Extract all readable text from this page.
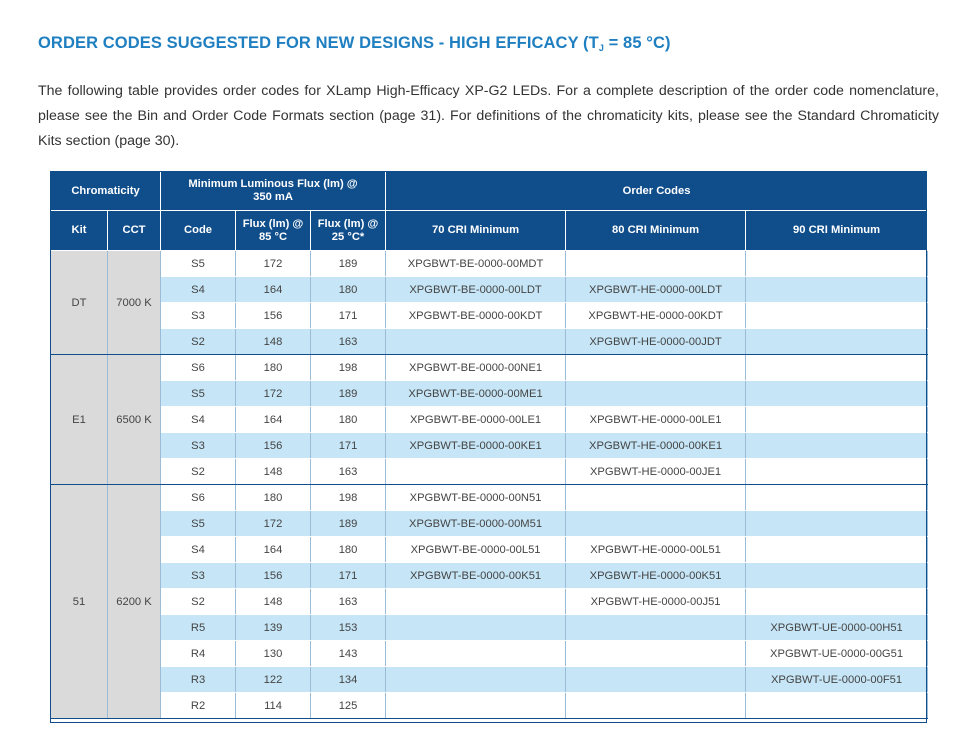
ORDER CODES SUGGESTED FOR NEW DESIGNS - HIGH EFFICACY ($T_J = 85$ °C)
The following table provides order codes for XLamp High-Efficacy XP-G2 LEDs. For a complete description of the order code nomenclature, please see the Bin and Order Code Formats section (page 31). For definitions of the chromaticity kits, please see the Standard Chromaticity Kits section (page 30).
Chromaticity		Minimum Luminous Flux (lm) @ 350 mA			Order Codes		
Kit	CCT	Code	Flux (lm) @ 85 °C	Flux (lm) @ 25 °C*	70 CRI Minimum	80 CRI Minimum	90 CRI Minimum
DT	7000 K	S5	172	189	XPGBWT-BE-0000-00MDT		
		S4	164	180	XPGBWT-BE-0000-00LDT	XPGBWT-HE-0000-00LDT	
		S3	156	171	XPGBWT-BE-0000-00KDT	XPGBWT-HE-0000-00KDT	
		S2	148	163		XPGBWT-HE-0000-00JDT	
E1	6500 K	S6	180	198	XPGBWT-BE-0000-00NE1		
		S5	172	189	XPGBWT-BE-0000-00ME1		
		S4	164	180	XPGBWT-BE-0000-00LE1	XPGBWT-HE-0000-00LE1	
		S3	156	171	XPGBWT-BE-0000-00KE1	XPGBWT-HE-0000-00KE1	
		S2	148	163		XPGBWT-HE-0000-00JE1	
51	6200 K	S6	180	198	XPGBWT-BE-0000-00N51		
		S5	172	189	XPGBWT-BE-0000-00M51		
		S4	164	180	XPGBWT-BE-0000-00L51	XPGBWT-HE-0000-00L51	
		S3	156	171	XPGBWT-BE-0000-00K51	XPGBWT-HE-0000-00K51	
		S2	148	163		XPGBWT-HE-0000-00J51	
		R5	139	153			XPGBWT-UE-0000-00H51
		R4	130	143			XPGBWT-UE-0000-00G51
		R3	122	134			XPGBWT-UE-0000-00F51
		R2	114	125			
